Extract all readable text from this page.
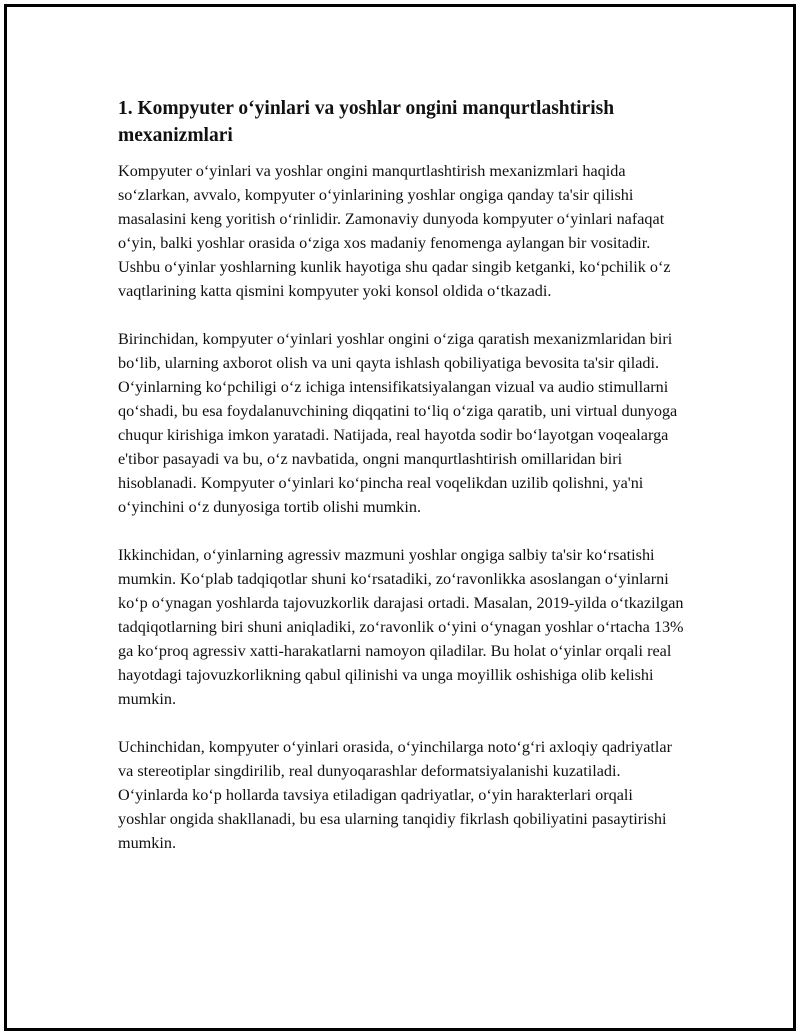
1. Kompyuter o‘yinlari va yoshlar ongini manqurtlashtirish mexanizmlari

Kompyuter o‘yinlari va yoshlar ongini manqurtlashtirish mexanizmlari haqida so‘zlarkan, avvalo, kompyuter o‘yinlarining yoshlar ongiga qanday ta'sir qilishi masalasini keng yoritish o‘rinlidir. Zamonaviy dunyoda kompyuter o‘yinlari nafaqat o‘yin, balki yoshlar orasida o‘ziga xos madaniy fenomenga aylangan bir vositadir. Ushbu o‘yinlar yoshlarning kunlik hayotiga shu qadar singib ketganki, ko‘pchilik o‘z vaqtlarining katta qismini kompyuter yoki konsol oldida o‘tkazadi.

Birinchidan, kompyuter o‘yinlari yoshlar ongini o‘ziga qaratish mexanizmlaridan biri bo‘lib, ularning axborot olish va uni qayta ishlash qobiliyatiga bevosita ta'sir qiladi. O‘yinlarning ko‘pchiligi o‘z ichiga intensifikatsiyalangan vizual va audio stimullarni qo‘shadi, bu esa foydalanuvchining diqqatini to‘liq o‘ziga qaratib, uni virtual dunyoga chuqur kirishiga imkon yaratadi. Natijada, real hayotda sodir bo‘layotgan voqealarga e'tibor pasayadi va bu, o‘z navbatida, ongni manqurtlashtirish omillaridan biri hisoblanadi. Kompyuter o‘yinlari ko‘pincha real voqelikdan uzilib qolishni, ya'ni o‘yinchini o‘z dunyosiga tortib olishi mumkin.

Ikkinchidan, o‘yinlarning agressiv mazmuni yoshlar ongiga salbiy ta'sir ko‘rsatishi mumkin. Ko‘plab tadqiqotlar shuni ko‘rsatadiki, zo‘ravonlikka asoslangan o‘yinlarni ko‘p o‘ynagan yoshlarda tajovuzkorlik darajasi ortadi. Masalan, 2019-yilda o‘tkazilgan tadqiqotlarning biri shuni aniqladiki, zo‘ravonlik o‘yini o‘ynagan yoshlar o‘rtacha 13% ga ko‘proq agressiv xatti-harakatlarni namoyon qiladilar. Bu holat o‘yinlar orqali real hayotdagi tajovuzkorlikning qabul qilinishi va unga moyillik oshishiga olib kelishi mumkin.

Uchinchidan, kompyuter o‘yinlari orasida, o‘yinchilarga noto‘g‘ri axloqiy qadriyatlar va stereotiplar singdirilib, real dunyoqarashlar deformatsiyalanishi kuzatiladi. O‘yinlarda ko‘p hollarda tavsiya etiladigan qadriyatlar, o‘yin harakterlari orqali yoshlar ongida shakllanadi, bu esa ularning tanqidiy fikrlash qobiliyatini pasaytirishi mumkin.
